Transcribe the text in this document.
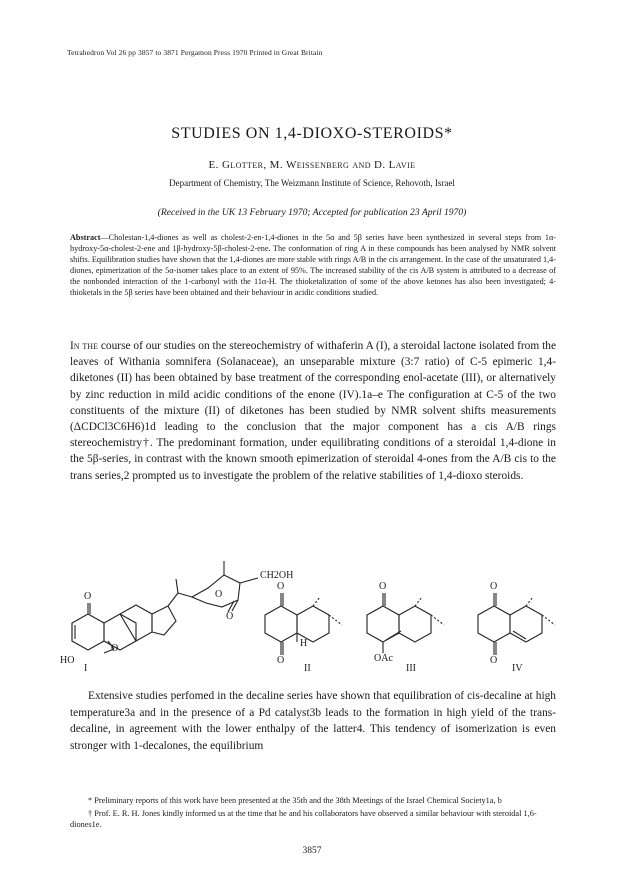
Tetrahedron Vol 26 pp 3857 to 3871 Pergamon Press 1970 Printed in Great Britain
STUDIES ON 1,4-DIOXO-STEROIDS*
E. Glotter, M. Weissenberg and D. Lavie
Department of Chemistry, The Weizmann Institute of Science, Rehovoth, Israel
(Received in the UK 13 February 1970; Accepted for publication 23 April 1970)
Abstract—Cholestan-1,4-diones as well as cholest-2-en-1,4-diones in the 5α and 5β series have been synthesized in several steps from 1α-hydroxy-5α-cholest-2-ene and 1β-hydroxy-5β-cholest-2-ene. The conformation of ring A in these compounds has been analysed by NMR solvent shifts. Equilibration studies have shown that the 1,4-diones are more stable with rings A/B in the cis arrangement. In the case of the unsaturated 1,4-diones, epimerization of the 5α-isomer takes place to an extent of 95%. The increased stability of the cis A/B system is attributed to a decrease of the nonbonded interaction of the 1-carbonyl with the 11α-H. The thioketalization of some of the above ketones has also been investigated; 4-thioketals in the 5β series have been obtained and their behaviour in acidic conditions studied.
In the course of our studies on the stereochemistry of withaferin A (I), a steroidal lactone isolated from the leaves of Withania somnifera (Solanaceae), an unseparable mixture (3:7 ratio) of C-5 epimeric 1,4-diketones (II) has been obtained by base treatment of the corresponding enol-acetate (III), or alternatively by zinc reduction in mild acidic conditions of the enone (IV).1a–e The configuration at C-5 of the two constituents of the mixture (II) of diketones has been studied by NMR solvent shifts measurements (ΔCDCl3C6H6)1d leading to the conclusion that the major component has a cis A/B rings stereochemistry†. The predominant formation, under equilibrating conditions of a steroidal 1,4-dione in the 5β-series, in contrast with the known smooth epimerization of steroidal 4-ones from the A/B cis to the trans series,2 prompted us to investigate the problem of the relative stabilities of 1,4-dioxo steroids.
CH2OH
O
O
O
HO
O
I
O
O
H
II
O
OAc
III
O
O
IV
Extensive studies perfomed in the decaline series have shown that equilibration of cis-decaline at high temperature3a and in the presence of a Pd catalyst3b leads to the formation in high yield of the trans-decaline, in agreement with the lower enthalpy of the latter4. This tendency of isomerization is even stronger with 1-decalones, the equilibrium

* Preliminary reports of this work have been presented at the 35th and the 38th Meetings of the Israel Chemical Society1a, b

† Prof. E. R. H. Jones kindly informed us at the time that he and his collaborators have observed a similar behaviour with steroidal 1,6-diones1e.

3857
